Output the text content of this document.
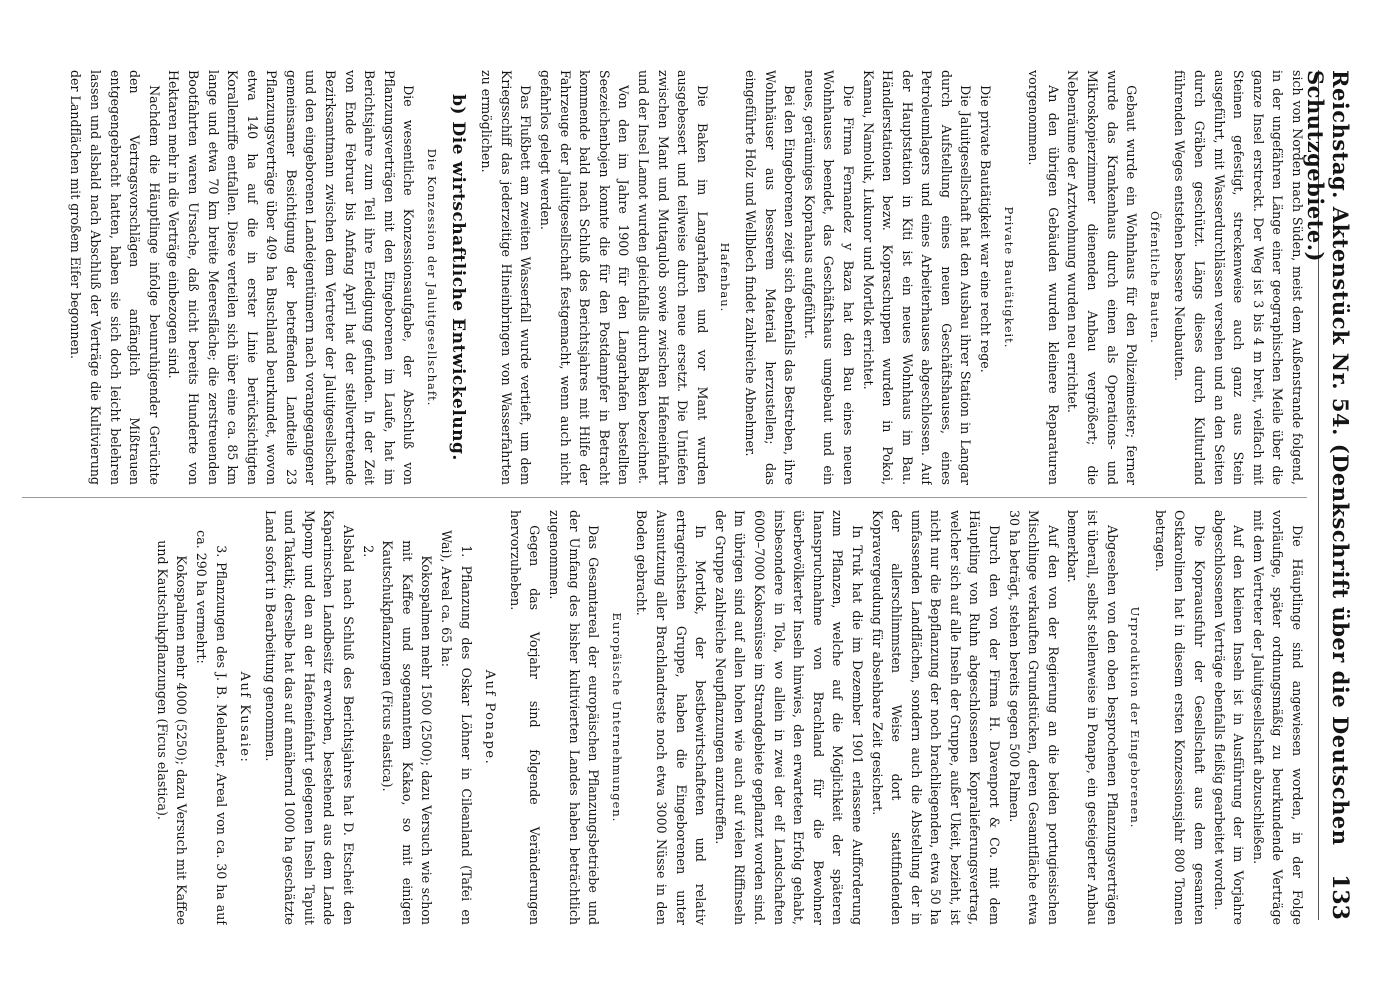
Reichstag. Aktenstück Nr. 54. (Denkschrift über die Deutschen Schutzgebiete.)
133

sich von Norden nach Süden, meist dem Außenstrande folgend, in der ungefähren Länge einer geographischen Meile über die ganze Insel erstreckt. Der Weg ist 3 bis 4 m breit, vielfach mit Steinen gefestigt, streckenweise auch ganz aus Stein ausgeführt, mit Wasserdurchlässen versehen und an den Seiten durch Gräben geschützt. Längs dieses durch Kulturland führenden Weges entstehen bessere Neubauten.

Öffentliche Bauten.

Gebaut wurde ein Wohnhaus für den Polizeimeister; ferner wurde das Krankenhaus durch einen als Operations- und Mikroskopierzimmer dienenden Anbau vergrößert; die Nebenräume der Arztwohnung wurden neu errichtet.

An den übrigen Gebäuden wurden kleinere Reparaturen vorgenommen.

Private Bautätigkeit.

Die private Bautätigkeit war eine recht rege.

Die Jaluitgesellschaft hat den Ausbau ihrer Station in Langar durch Aufstellung eines neuen Geschäftshauses, eines Petroleumlagers und eines Arbeiterhauses abgeschlossen. Auf der Hauptstation in Kiti ist ein neues Wohnhaus im Bau. Händlerstationen bezw. Kopraschuppen wurden in Pokoi, Kamau, Namoluk, Lukunor und Mortlok errichtet.

Die Firma Fernandez y Baza hat den Bau eines neuen Wohnhauses beendet, das Geschäftshaus umgebaut und ein neues, geräumiges Koprahaus aufgeführt.

Bei den Eingeborenen zeigt sich ebenfalls das Bestreben, ihre Wohnhäuser aus besserem Material herzustellen; das eingeführte Holz und Wellblech findet zahlreiche Abnehmer.

Hafenbau.

Die Baken im Langarhafen und vor Mant wurden ausgebessert und teilweise durch neue ersetzt. Die Untiefen zwischen Mant und Mutaqulob sowie zwischen Hafeneinfahrt und der Insel Lamot wurden gleichfalls durch Baken bezeichnet.

Von den im Jahre 1900 für den Langarhafen bestellten Seezeichenbojen konnte die für den Postdampfer in Betracht kommende bald nach Schluß des Berichtsjahres mit Hilfe der Fahrzeuge der Jaluitgesellschaft festgemacht, wenn auch nicht gefahrlos gelegt werden.

Das Flußbett am zweiten Wasserfall wurde vertieft, um dem Kriegsschiff das jederzeitige Hineinbringen von Wasserfahrten zu ermöglichen.

b) Die wirtschaftliche Entwickelung.
Die Konzession der Jaluitgesellschaft.

Die wesentliche Konzessionsaufgabe, der Abschluß von Pflanzungsverträgen mit den Eingeborenen im Laufe, hat im Berichtsjahre zum Teil ihre Erledigung gefunden. In der Zeit von Ende Februar bis Anfang April hat der stellvertretende Bezirksamtmann zwischen dem Vertreter der Jaluitgesellschaft und den eingeborenen Landeigentümern nach vorangegangener gemeinsamer Besichtigung der betreffenden Landteile 23 Pflanzungsverträge über 409 ha Buschland beurkundet, wovon etwa 140 ha auf die in erster Linie berücksichtigten Korallenriffe entfallen. Diese verteilen sich über eine ca. 85 km lange und etwa 70 km breite Meeresfläche; die zerstreuenden Bootfahrten waren Ursache, daß nicht bereits Hunderte von Hektaren mehr in die Verträge einbezogen sind.

Nachdem die Häuptlinge infolge beunruhigender Gerüchte den Vertragsvorschlägen anfänglich Mißtrauen entgegengebracht hatten, haben sie sich doch leicht belehren lassen und alsbald nach Abschluß der Verträge die Kultivierung der Landflächen mit großem Eifer begonnen.

Die Häuptlinge sind angewiesen worden, in der Folge vorläufige, später ordnungsmäßig zu beurkundende Verträge mit dem Vertreter der Jaluitgesellschaft abzuschließen.

Auf den kleinen Inseln ist in Ausführung der im Vorjahre abgeschlossenen Verträge ebenfalls fleißig gearbeitet worden.

Die Kopraausfuhr der Gesellschaft aus dem gesamten Ostkarolinen hat in diesem ersten Konzessionsjahr 800 Tonnen betragen.

Urproduktion der Eingeborenen.

Abgesehen von den oben besprochenen Pflanzungsverträgen ist überall, selbst stellenweise in Ponape, ein gesteigerter Anbau bemerkbar.

Auf den von der Regierung an die beiden portugiesischen Mischlinge verkauften Grundstücken, deren Gesamtfläche etwa 30 ha beträgt, stehen bereits gegen 500 Palmen.

Durch den von der Firma H. Davenport & Co. mit dem Häuptling von Ruhn abgeschlossenen Kopralieferungsvertrag, welcher sich auf alle Inseln der Gruppe, außer Ukeit, bezieht, ist nicht nur die Bepflanzung der noch brachliegenden, etwa 50 ha umfassenden Landflächen, sondern auch die Abstellung der in der allerschlimmsten Weise dort stattfindenden Kopravergeudung für absehbare Zeit gesichert.

In Truk hat die im Dezember 1901 erlassene Aufforderung zum Pflanzen, welche auf die Möglichkeit der späteren Inanspruchnahme von Brachland für die Bewohner überbevölkerter Inseln hinwies, den erwarteten Erfolg gehabt, insbesondere in Tola, wo allein in zwei der elf Landschaften 6000–7000 Kokosnüsse im Strandgebiete gepflanzt worden sind. Im übrigen sind auf allen hohen wie auch auf vielen Riffinseln der Gruppe zahlreiche Neupflanzungen anzutreffen.

In Mortlok, der bestbewirtschafteten und relativ ertragreichsten Gruppe, haben die Eingeborenen unter Ausnutzung aller Brachlandreste noch etwa 3000 Nüsse in den Boden gebracht.

Europäische Unternehmungen.

Das Gesamtareal der europäischen Pflanzungsbetriebe und der Umfang des bisher kultivierten Landes haben beträchtlich zugenommen.

Gegen das Vorjahr sind folgende Veränderungen hervorzuheben.

Auf Ponape.

1. Pflanzung des Oskar Löhner in Cileanland (Tafei en Wai), Areal ca. 65 ha:

Kokospalmen mehr 1500 (2500); dazu Versuch wie schon mit Kaffee und sogenanntem Kakao, so mit einigen Kautschukpflanzungen (Ficus elastica).

2.

Alsbald nach Schluß des Berichtsjahres hat D. Etscheit den Kaparinschen Landbesitz erworben, bestehend aus dem Lande Mpomp und den an der Hafeneinfahrt gelegenen Inseln Tapuit und Takatik; derselbe hat das auf annähernd 1000 ha geschätzte Land sofort in Bearbeitung genommen.

Auf Kusaie:

3. Pflanzungen des J. B. Melander, Areal von ca. 30 ha auf ca. 290 ha vermehrt:

Kokospalmen mehr 4000 (5250); dazu Versuch mit Kaffee und Kautschukpflanzungen (Ficus elastica).
